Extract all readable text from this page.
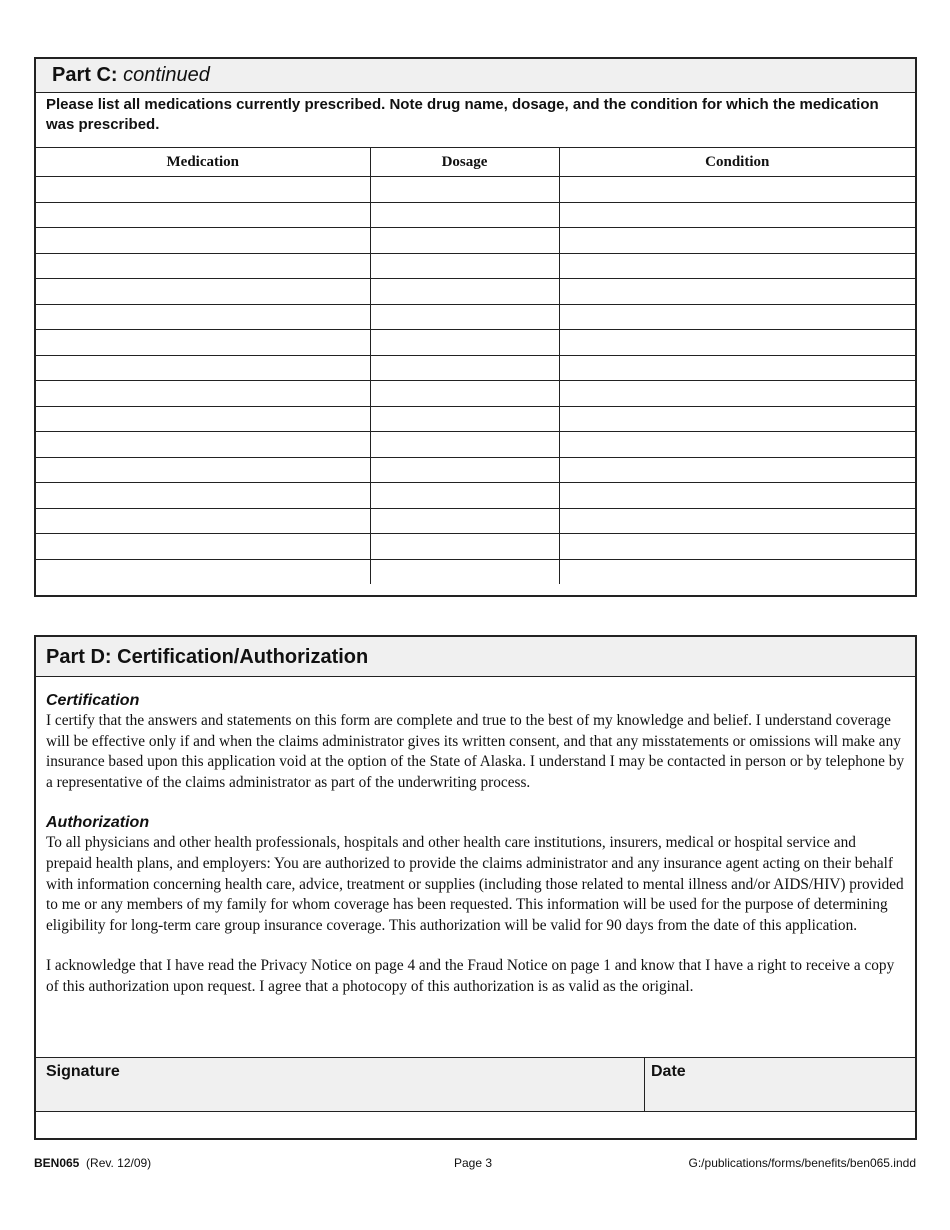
Part C: continued
Please list all medications currently prescribed. Note drug name, dosage, and the condition for which the medication was prescribed.
Medication	Dosage	Condition

Part D: Certification/Authorization
Certification

I certify that the answers and statements on this form are complete and true to the best of my knowledge and belief. I understand coverage will be effective only if and when the claims administrator gives its written consent, and that any misstatements or omissions will make any insurance based upon this application void at the option of the State of Alaska. I understand I may be contacted in person or by telephone by a representative of the claims administrator as part of the underwriting process.

Authorization

To all physicians and other health professionals, hospitals and other health care institutions, insurers, medical or hospital service and prepaid health plans, and employers: You are authorized to provide the claims administrator and any insurance agent acting on their behalf with information concerning health care, advice, treatment or supplies (including those related to mental illness and/or AIDS/HIV) provided to me or any members of my family for whom coverage has been requested. This information will be used for the purpose of determining eligibility for long-term care group insurance coverage. This authorization will be valid for 90 days from the date of this application.

I acknowledge that I have read the Privacy Notice on page 4 and the Fraud Notice on page 1 and know that I have a right to receive a copy of this authorization upon request. I agree that a photocopy of this authorization is as valid as the original.

Signature	Date
BEN065 (Rev. 12/09)	Page 3	G:/publications/forms/benefits/ben065.indd
